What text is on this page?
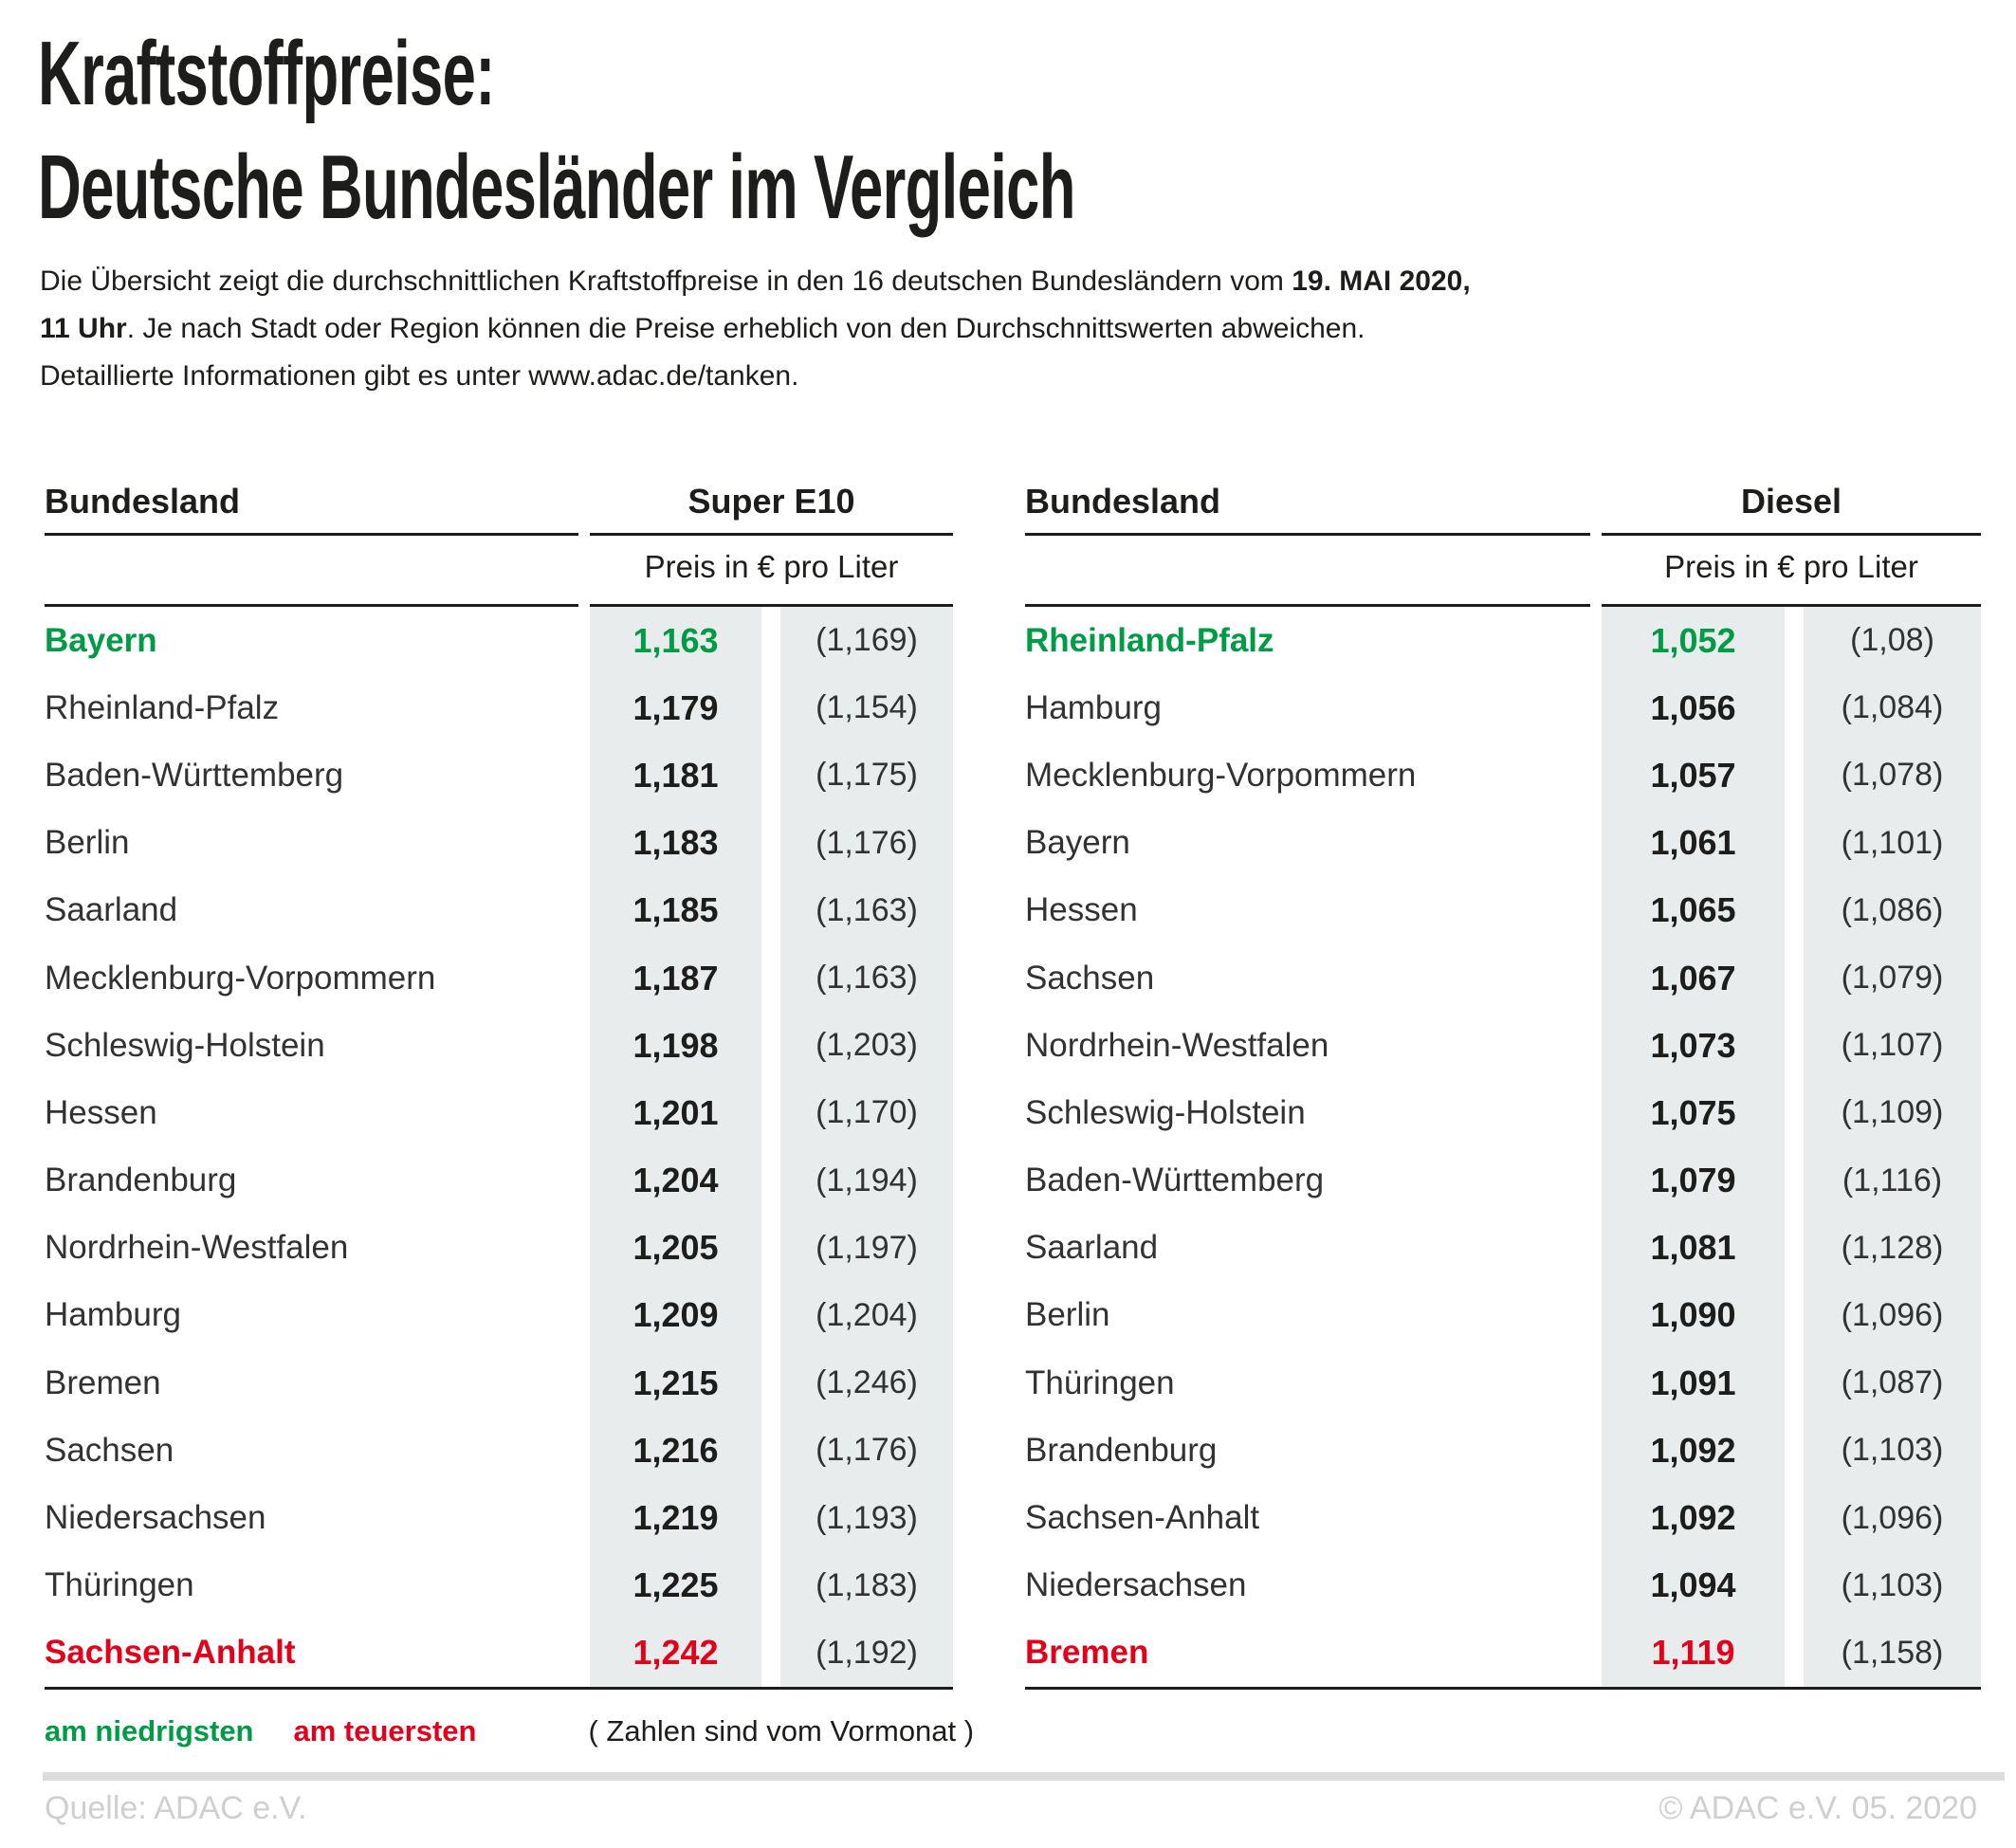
Kraftstoffpreise:
Deutsche Bundesländer im Vergleich
Die Übersicht zeigt die durchschnittlichen Kraftstoffpreise in den 16 deutschen Bundesländern vom 19. MAI 2020,
11 Uhr. Je nach Stadt oder Region können die Preise erheblich von den Durchschnittswerten abweichen.
Detaillierte Informationen gibt es unter www.adac.de/tanken.
Bundesland	Super E10
Preis in € pro Liter
Bayern	1,163	(1,169)
Rheinland-Pfalz	1,179	(1,154)
Baden-Württemberg	1,181	(1,175)
Berlin	1,183	(1,176)
Saarland	1,185	(1,163)
Mecklenburg-Vorpommern	1,187	(1,163)
Schleswig-Holstein	1,198	(1,203)
Hessen	1,201	(1,170)
Brandenburg	1,204	(1,194)
Nordrhein-Westfalen	1,205	(1,197)
Hamburg	1,209	(1,204)
Bremen	1,215	(1,246)
Sachsen	1,216	(1,176)
Niedersachsen	1,219	(1,193)
Thüringen	1,225	(1,183)
Sachsen-Anhalt	1,242	(1,192)
Bundesland	Diesel
Preis in € pro Liter
Rheinland-Pfalz	1,052	(1,08)
Hamburg	1,056	(1,084)
Mecklenburg-Vorpommern	1,057	(1,078)
Bayern	1,061	(1,101)
Hessen	1,065	(1,086)
Sachsen	1,067	(1,079)
Nordrhein-Westfalen	1,073	(1,107)
Schleswig-Holstein	1,075	(1,109)
Baden-Württemberg	1,079	(1,116)
Saarland	1,081	(1,128)
Berlin	1,090	(1,096)
Thüringen	1,091	(1,087)
Brandenburg	1,092	(1,103)
Sachsen-Anhalt	1,092	(1,096)
Niedersachsen	1,094	(1,103)
Bremen	1,119	(1,158)
am niedrigsten am teuersten	( Zahlen sind vom Vormonat )
Quelle: ADAC e.V.	© ADAC e.V. 05. 2020
